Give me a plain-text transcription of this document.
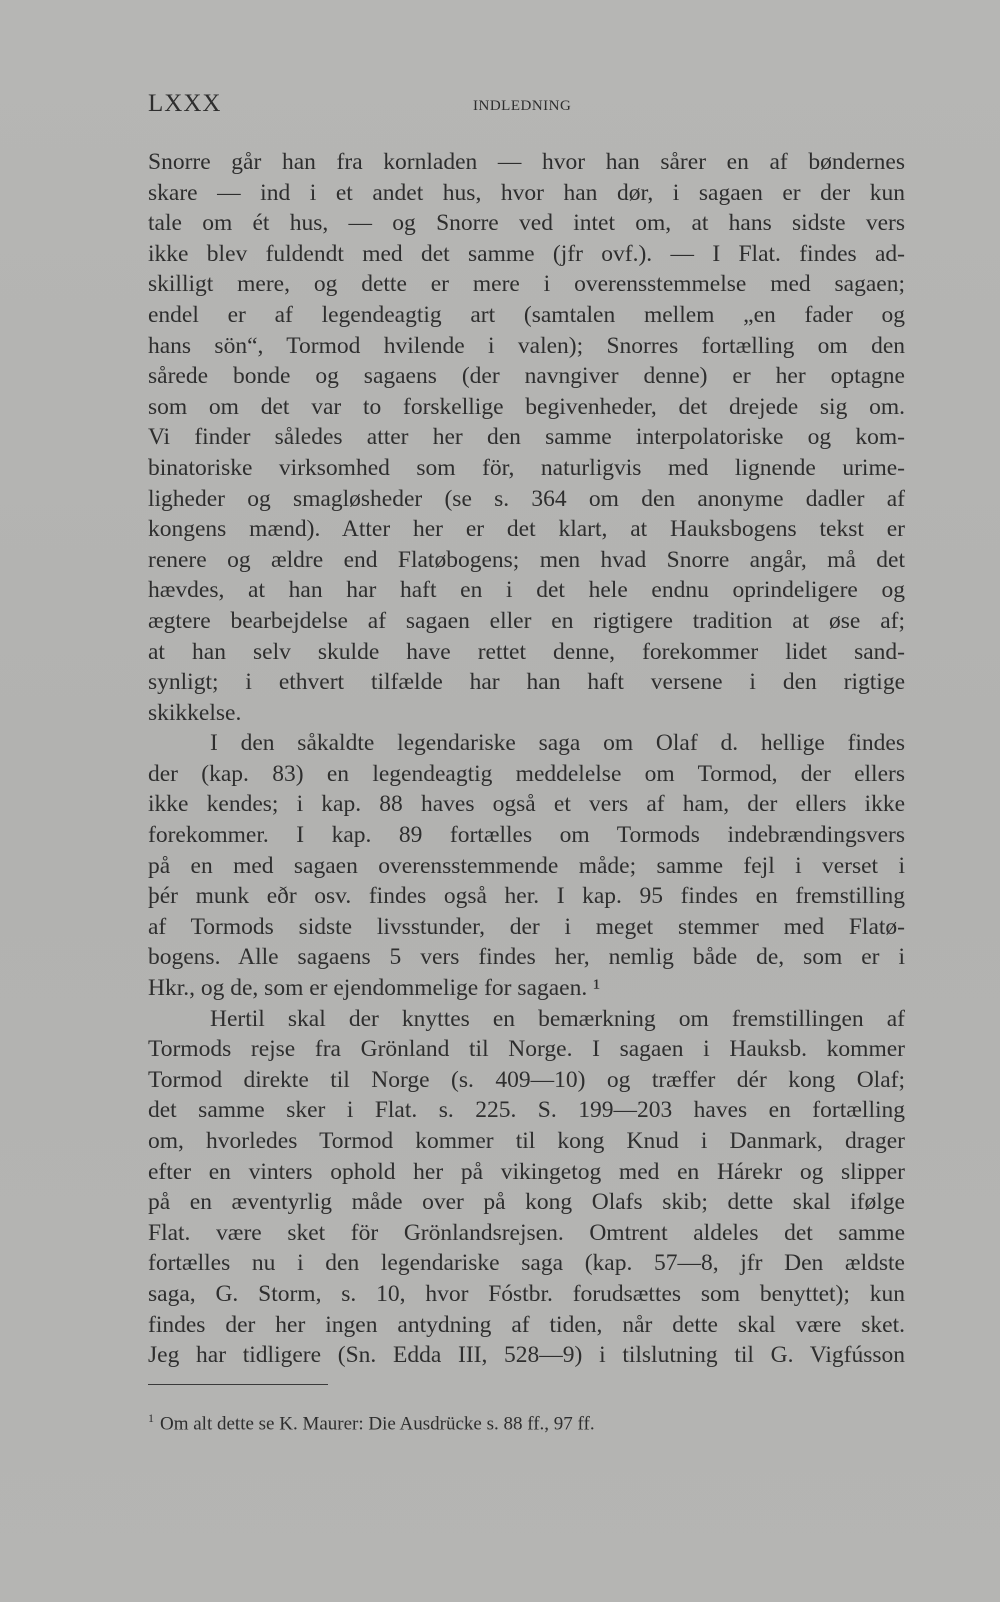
LXXX	INDLEDNING
Snorre går han fra kornladen — hvor han sårer en af bøndernes
skare — ind i et andet hus, hvor han dør, i sagaen er der kun
tale om ét hus, — og Snorre ved intet om, at hans sidste vers
ikke blev fuldendt med det samme (jfr ovf.). — I Flat. findes ad-
skilligt mere, og dette er mere i overensstemmelse med sagaen;
endel er af legendeagtig art (samtalen mellem „en fader og
hans sön“, Tormod hvilende i valen); Snorres fortælling om den
sårede bonde og sagaens (der navngiver denne) er her optagne
som om det var to forskellige begivenheder, det drejede sig om.
Vi finder således atter her den samme interpolatoriske og kom-
binatoriske virksomhed som för, naturligvis med lignende urime-
ligheder og smagløsheder (se s. 364 om den anonyme dadler af
kongens mænd). Atter her er det klart, at Hauksbogens tekst er
renere og ældre end Flatøbogens; men hvad Snorre angår, må det
hævdes, at han har haft en i det hele endnu oprindeligere og
ægtere bearbejdelse af sagaen eller en rigtigere tradition at øse af;
at han selv skulde have rettet denne, forekommer lidet sand-
synligt; i ethvert tilfælde har han haft versene i den rigtige
skikkelse.
I den såkaldte legendariske saga om Olaf d. hellige findes
der (kap. 83) en legendeagtig meddelelse om Tormod, der ellers
ikke kendes; i kap. 88 haves også et vers af ham, der ellers ikke
forekommer. I kap. 89 fortælles om Tormods indebrændingsvers
på en med sagaen overensstemmende måde; samme fejl i verset i
þér munk eðr osv. findes også her. I kap. 95 findes en fremstilling
af Tormods sidste livsstunder, der i meget stemmer med Flatø-
bogens. Alle sagaens 5 vers findes her, nemlig både de, som er i
Hkr., og de, som er ejendommelige for sagaen. ¹
Hertil skal der knyttes en bemærkning om fremstillingen af
Tormods rejse fra Grönland til Norge. I sagaen i Hauksb. kommer
Tormod direkte til Norge (s. 409—10) og træffer dér kong Olaf;
det samme sker i Flat. s. 225. S. 199—203 haves en fortælling
om, hvorledes Tormod kommer til kong Knud i Danmark, drager
efter en vinters ophold her på vikingetog med en Hárekr og slipper
på en æventyrlig måde over på kong Olafs skib; dette skal ifølge
Flat. være sket för Grönlandsrejsen. Omtrent aldeles det samme
fortælles nu i den legendariske saga (kap. 57—8, jfr Den ældste
saga, G. Storm, s. 10, hvor Fóstbr. forudsættes som benyttet); kun
findes der her ingen antydning af tiden, når dette skal være sket.
Jeg har tidligere (Sn. Edda III, 528—9) i tilslutning til G. Vigfússon
$^1$ Om alt dette se K. Maurer: Die Ausdrücke s. 88 ff., 97 ff.
